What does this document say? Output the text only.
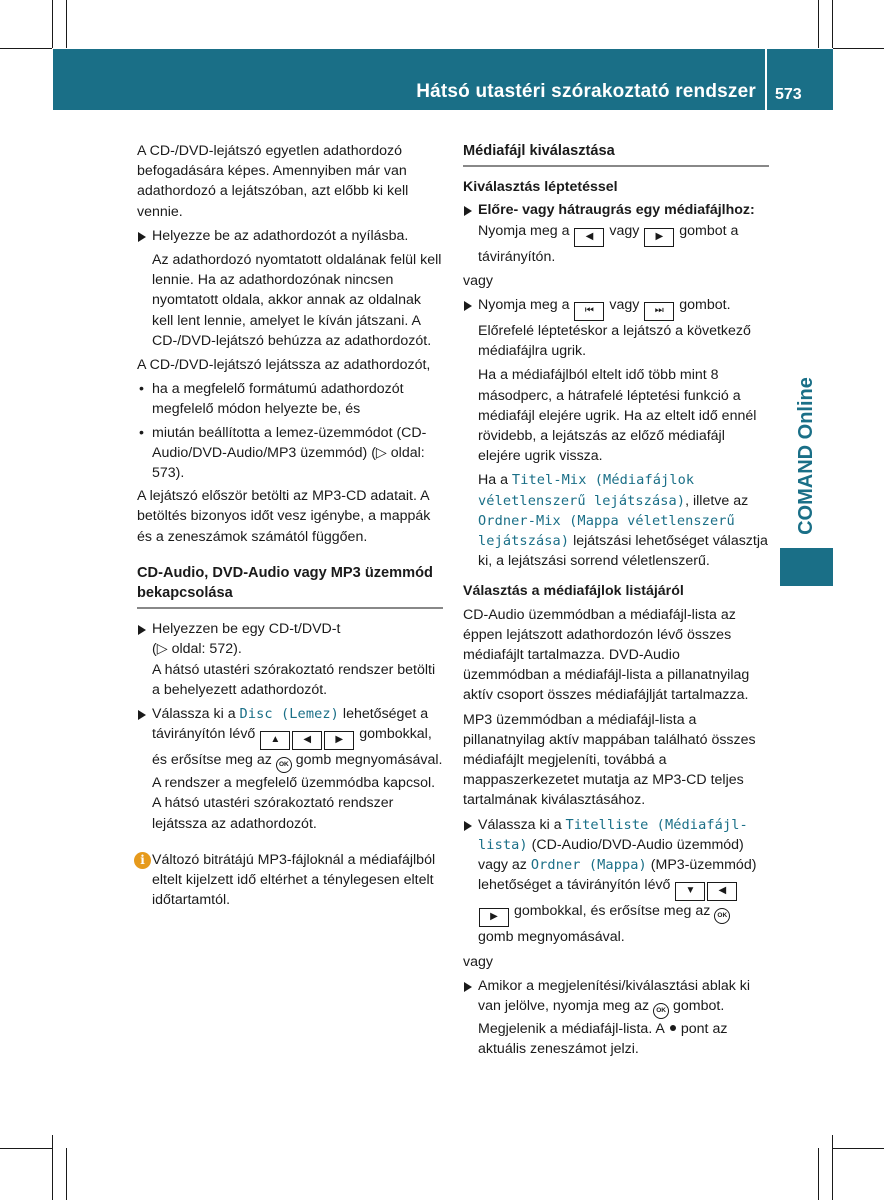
Hátsó utastéri szórakoztató rendszer 573
COMAND Online

A CD-/DVD-lejátszó egyetlen adathordozó befogadására képes. Amennyiben már van adathordozó a lejátszóban, azt előbb ki kell vennie.

Helyezze be az adathordozót a nyílásba.
Az adathordozó nyomtatott oldalának felül kell lennie. Ha az adathordozónak nincsen nyomtatott oldala, akkor annak az oldalnak kell lent lennie, amelyet le kíván játszani. A CD-/DVD-lejátszó behúzza az adathordozót.

A CD-/DVD-lejátszó lejátssza az adathordozót,

• ha a megfelelő formátumú adathordozót megfelelő módon helyezte be, és
• miután beállította a lemez-üzemmódot (CD-Audio/DVD-Audio/MP3 üzemmód) (▷ oldal: 573).

A lejátszó először betölti az MP3-CD adatait. A betöltés bizonyos időt vesz igénybe, a mappák és a zeneszámok számától függően.

CD-Audio, DVD-Audio vagy MP3 üzemmód bekapcsolása
Helyezzen be egy CD-t/DVD-t
(▷ oldal: 572).
A hátsó utastéri szórakoztató rendszer betölti a behelyezett adathordozót.
Válassza ki a Disc (Lemez) lehetőséget a távirányítón lévő ▲ ◀ ▶ gombokkal, és erősítse meg az OK gomb megnyomásával.
A rendszer a megfelelő üzemmódba kapcsol. A hátsó utastéri szórakoztató rendszer lejátssza az adathordozót.
i Változó bitrátájú MP3-fájloknál a médiafájlból eltelt kijelzett idő eltérhet a ténylegesen eltelt időtartamtól.
Médiafájl kiválasztása
Kiválasztás léptetéssel
Előre- vagy hátraugrás egy médiafájlhoz: Nyomja meg a ◀ vagy ▶ gombot a távirányítón.

vagy

Nyomja meg a ⏮ vagy ⏭ gombot.
Előrefelé léptetéskor a lejátszó a következő médiafájlra ugrik.
Ha a médiafájlból eltelt idő több mint 8 másodperc, a hátrafelé léptetési funkció a médiafájl elejére ugrik. Ha az eltelt idő ennél rövidebb, a lejátszás az előző médiafájl elejére ugrik vissza.
Ha a Titel-Mix (Médiafájlok véletlenszerű lejátszása), illetve az Ordner-Mix (Mappa véletlenszerű lejátszása) lejátszási lehetőséget választja ki, a lejátszási sorrend véletlenszerű.
Választás a médiafájlok listájáról

CD-Audio üzemmódban a médiafájl-lista az éppen lejátszott adathordozón lévő összes médiafájlt tartalmazza. DVD-Audio üzemmódban a médiafájl-lista a pillanatnyilag aktív csoport összes médiafájlját tartalmazza.

MP3 üzemmódban a médiafájl-lista a pillanatnyilag aktív mappában található összes médiafájlt megjeleníti, továbbá a mappaszerkezetet mutatja az MP3-CD teljes tartalmának kiválasztásához.

Válassza ki a Titelliste (Médiafájl-lista) (CD-Audio/DVD-Audio üzemmód) vagy az Ordner (Mappa) (MP3-üzemmód) lehetőséget a távirányítón lévő ▼ ◀▶ gombokkal, és erősítse meg az OK gomb megnyomásával.

vagy

Amikor a megjelenítési/kiválasztási ablak ki van jelölve, nyomja meg az OK gombot.
Megjelenik a médiafájl-lista. A pont az aktuális zeneszámot jelzi.
